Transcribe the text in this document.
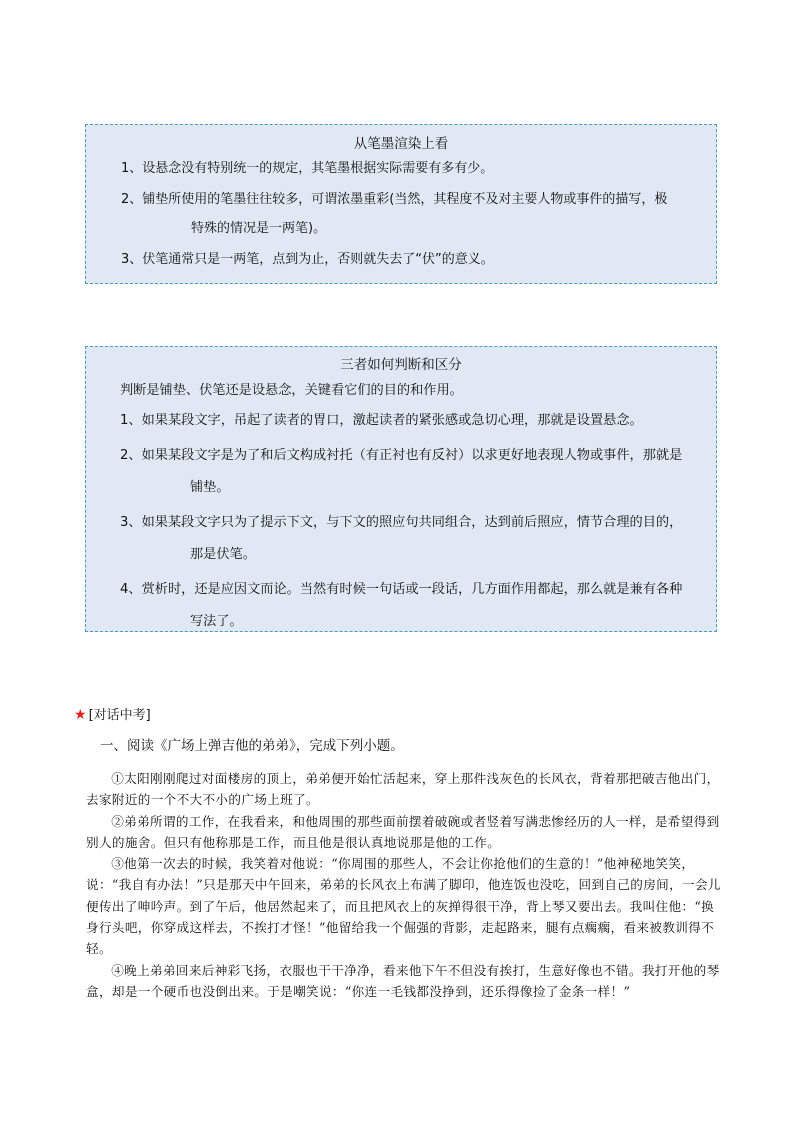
从笔墨渲染上看
1、设悬念没有特别统一的规定，其笔墨根据实际需要有多有少。
2、铺垫所使用的笔墨往往较多，可谓浓墨重彩(当然，其程度不及对主要人物或事件的描写，极
特殊的情况是一两笔)。
3、伏笔通常只是一两笔，点到为止，否则就失去了“伏”的意义。
三者如何判断和区分
判断是铺垫、伏笔还是设悬念，关键看它们的目的和作用。
1、如果某段文字，吊起了读者的胃口，激起读者的紧张感或急切心理，那就是设置悬念。
2、如果某段文字是为了和后文构成衬托（有正衬也有反衬）以求更好地表现人物或事件，那就是
铺垫。
3、如果某段文字只为了提示下文，与下文的照应句共同组合，达到前后照应，情节合理的目的，
那是伏笔。
4、赏析时，还是应因文而论。当然有时候一句话或一段话，几方面作用都起，那么就是兼有各种
写法了。
★ [对话中考]
一、阅读《广场上弹吉他的弟弟》，完成下列小题。

①太阳刚刚爬过对面楼房的顶上，弟弟便开始忙活起来，穿上那件浅灰色的长风衣，背着那把破吉他出门，去家附近的一个不大不小的广场上班了。

②弟弟所谓的工作，在我看来，和他周围的那些面前摆着破碗或者竖着写满悲惨经历的人一样，是希望得到别人的施舍。但只有他称那是工作，而且他是很认真地说那是他的工作。

③他第一次去的时候，我笑着对他说：“你周围的那些人，不会让你抢他们的生意的！”他神秘地笑笑，说：“我自有办法！”只是那天中午回来，弟弟的长风衣上布满了脚印，他连饭也没吃，回到自己的房间，一会儿便传出了呻吟声。到了午后，他居然起来了，而且把风衣上的灰掸得很干净，背上琴又要出去。我叫住他：“换身行头吧，你穿成这样去，不挨打才怪！”他留给我一个倔强的背影，走起路来，腿有点瘸瘸，看来被教训得不轻。

④晚上弟弟回来后神彩飞扬，衣服也干干净净，看来他下午不但没有挨打，生意好像也不错。我打开他的琴盒，却是一个硬币也没倒出来。于是嘲笑说：“你连一毛钱都没挣到，还乐得像捡了金条一样！”
